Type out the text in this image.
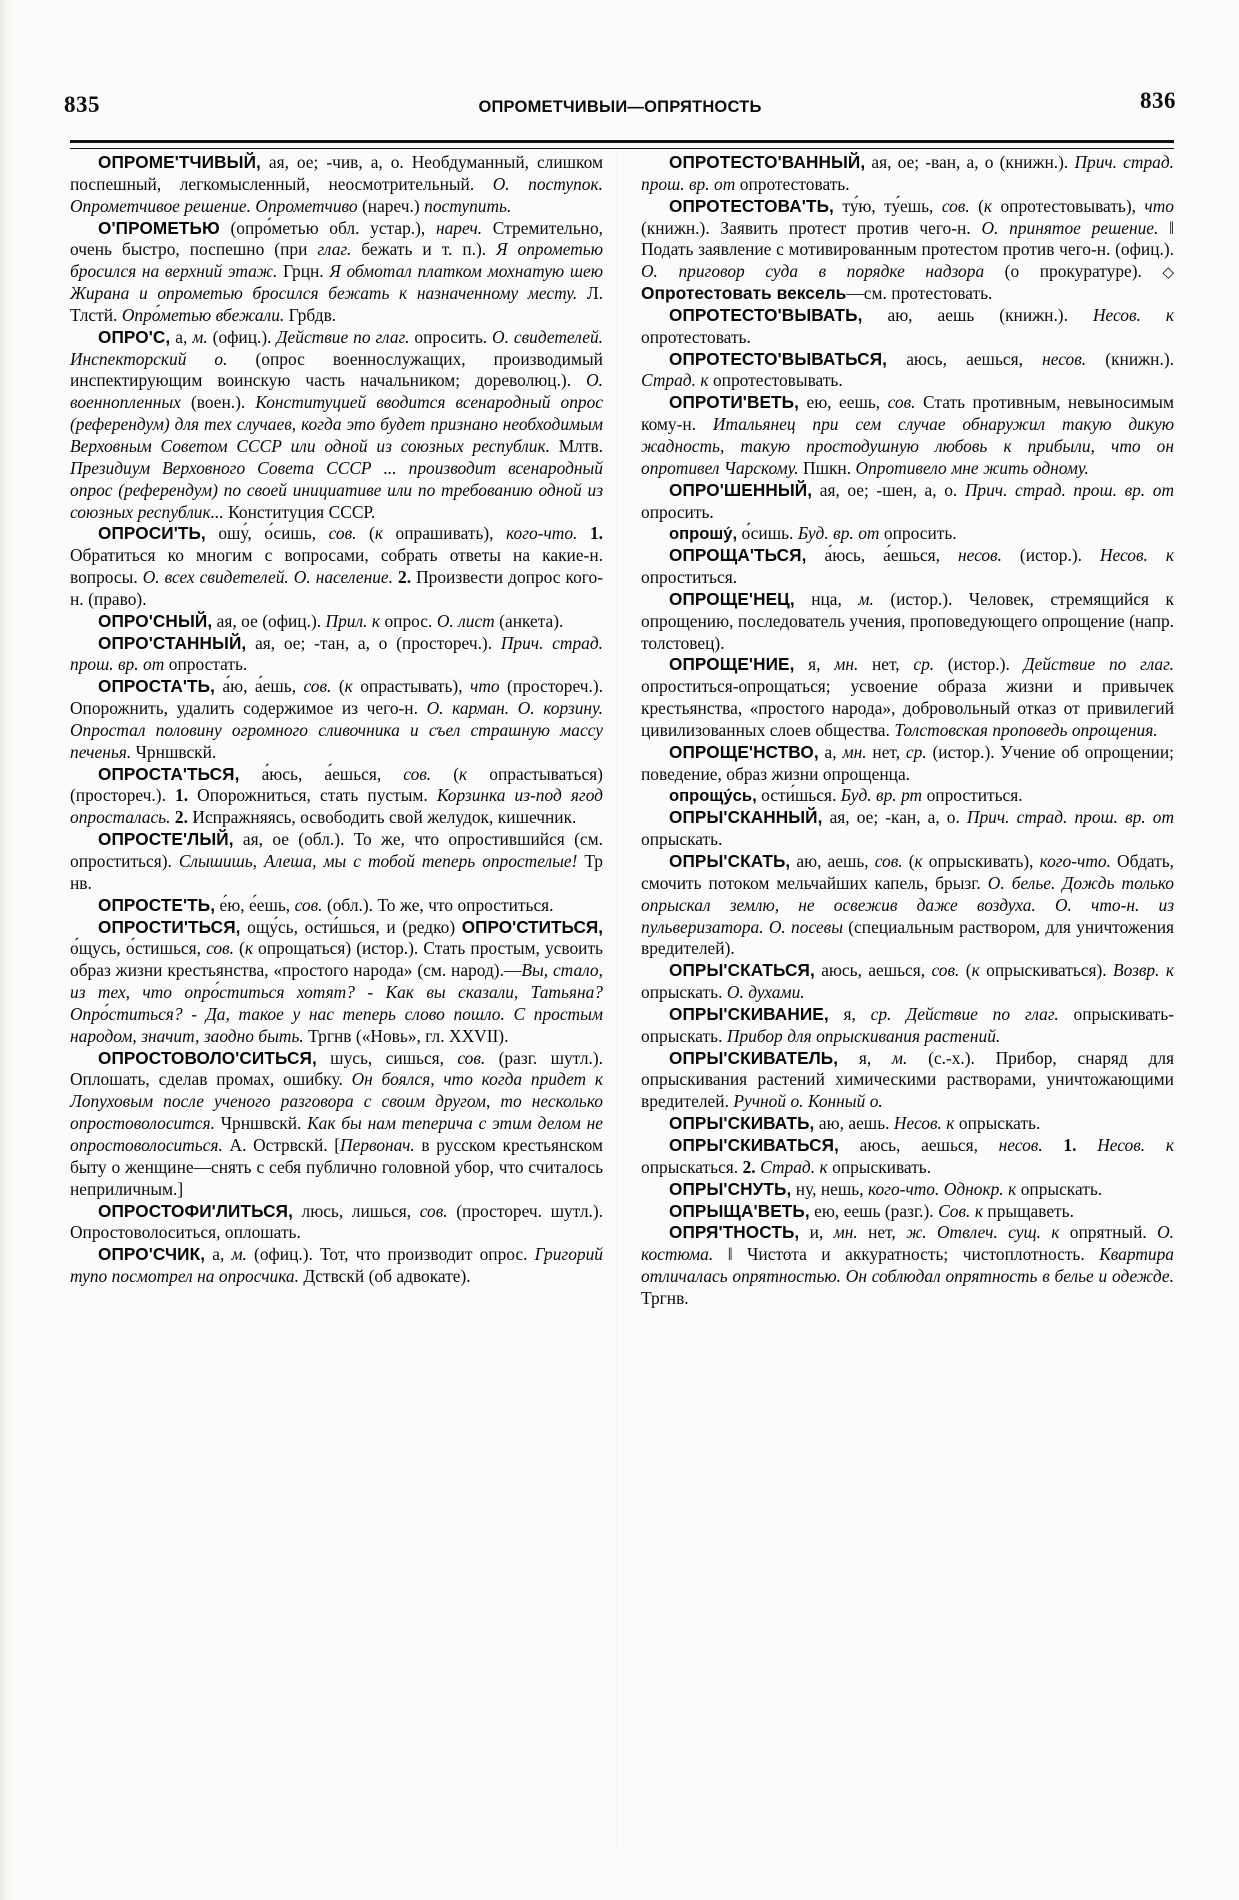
835	ОПРОМЕТЧИВЫИ—ОПРЯТНОСТЬ	836

ОПРОМЕ'ТЧИВЫЙ, ая, ое; -чив, а, о. Необдуманный, слишком поспешный, легкомысленный, неосмотрительный. О. поступок. Опрометчивое решение. Опрометчиво (нареч.) поступить.

О'ПРОМЕТЬЮ (опро́метью обл. устар.), нареч. Стремительно, очень быстро, поспешно (при глаг. бежать и т. п.). Я опрометью бросился на верхний этаж. Грцн. Я обмотал платком мохнатую шею Жирана и опрометью бросился бежать к назначенному месту. Л. Тлстй. Опро́метью вбежали. Грбдв.

ОПРО'С, а, м. (офиц.). Действие по глаг. опросить. О. свидетелей. Инспекторский о. (опрос военнослужащих, производимый инспектирующим воинскую часть начальником; дореволюц.). О. военнопленных (воен.). Конституцией вводится всенародный опрос (референдум) для тех случаев, когда это будет признано необходимым Верховным Советом СССР или одной из союзных республик. Млтв. Президиум Верховного Совета СССР ... производит всенародный опрос (референдум) по своей инициативе или по требованию одной из союзных республик... Конституция СССР.

ОПРОСИ'ТЬ, ошу́, о́сишь, сов. (к опрашивать), кого-что. 1. Обратиться ко многим с вопросами, собрать ответы на какие-н. вопросы. О. всех свидетелей. О. население. 2. Произвести допрос кого-н. (право).

ОПРО'СНЫЙ, ая, ое (офиц.). Прил. к опрос. О. лист (анкета).

ОПРО'СТАННЫЙ, ая, ое; -тан, а, о (простореч.). Прич. страд. прош. вр. от опростать.

ОПРОСТА'ТЬ, а́ю, а́ешь, сов. (к опрастывать), что (простореч.). Опорожнить, удалить содержимое из чего-н. О. карман. О. корзину. Опростал половину огромного сливочника и съел страшную массу печенья. Чрншвскй.

ОПРОСТА'ТЬСЯ, а́юсь, а́ешься, сов. (к опрастываться) (простореч.). 1. Опорожниться, стать пустым. Корзинка из-под ягод опросталась. 2. Испражняясь, освободить свой желудок, кишечник.

ОПРОСТЕ'ЛЫЙ, ая, ое (обл.). То же, что опростившийся (см. опроститься). Слышишь, Алеша, мы с тобой теперь опростелые! Тр нв.

ОПРОСТЕ'ТЬ, е́ю, е́ешь, сов. (обл.). То же, что опроститься.

ОПРОСТИ'ТЬСЯ, ощу́сь, ости́шься, и (редко) ОПРО'СТИТЬСЯ, о́щусь, о́стишься, сов. (к опрощаться) (истор.). Стать простым, усвоить образ жизни крестьянства, «простого народа» (см. народ).—Вы, стало, из тех, что опро́ститься хотят? - Как вы сказали, Татьяна? Опро́ститься? - Да, такое у нас теперь слово пошло. С простым народом, значит, заодно быть. Тргнв («Новь», гл. XXVII).

ОПРОСТОВОЛО'СИТЬСЯ, шусь, сишься, сов. (разг. шутл.). Оплошать, сделав промах, ошибку. Он боялся, что когда придет к Лопуховым после ученого разговора с своим другом, то несколько опростоволосится. Чрншвскй. Как бы нам теперича с этим делом не опростоволоситься. А. Остpвскй. [Первонач. в русском крестьянском быту о женщине—снять с себя публично головной убор, что считалось неприличным.]

ОПРОСТОФИ'ЛИТЬСЯ, люсь, лишься, сов. (простореч. шутл.). Опростоволоситься, оплошать.

ОПРО'СЧИК, а, м. (офиц.). Тот, что производит опрос. Григорий тупо посмотрел на опросчика. Дствскй (об адвокате).

ОПРОТЕСТО'ВАННЫЙ, ая, ое; -ван, а, о (книжн.). Прич. страд. прош. вр. от опротестовать.

ОПРОТЕСТОВА'ТЬ, ту́ю, ту́ешь, сов. (к опротестовывать), что (книжн.). Заявить протест против чего-н. О. принятое решение. ‖ Подать заявление с мотивированным протестом против чего-н. (офиц.). О. приговор суда в порядке надзора (о прокуратуре). ◇ Опротестовать вексель—см. протестовать.

ОПРОТЕСТО'ВЫВАТЬ, аю, аешь (книжн.). Несов. к опротестовать.

ОПРОТЕСТО'ВЫВАТЬСЯ, аюсь, аешься, несов. (книжн.). Страд. к опротестовывать.

ОПРОТИ'ВЕТЬ, ею, еешь, сов. Стать противным, невыносимым кому-н. Итальянец при сем случае обнаружил такую дикую жадность, такую простодушную любовь к прибыли, что он опротивел Чарскому. Пшкн. Опротивело мне жить одному.

ОПРО'ШЕННЫЙ, ая, ое; -шен, а, о. Прич. страд. прош. вр. от опросить.

опрошу́, о́сишь. Буд. вр. от опросить.

ОПРОЩА'ТЬСЯ, а́юсь, а́ешься, несов. (истор.). Несов. к опроститься.

ОПРОЩЕ'НЕЦ, нца, м. (истор.). Человек, стремящийся к опрощению, последователь учения, проповедующего опрощение (напр. толстовец).

ОПРОЩЕ'НИЕ, я, мн. нет, ср. (истор.). Действие по глаг. опроститься-опрощаться; усвоение образа жизни и привычек крестьянства, «простого народа», добровольный отказ от привилегий цивилизованных слоев общества. Толстовская проповедь опрощения.

ОПРОЩЕ'НСТВО, а, мн. нет, ср. (истор.). Учение об опрощении; поведение, образ жизни опрощенца.

опрощу́сь, ости́шься. Буд. вр. рт опроститься.

ОПРЫ'СКАННЫЙ, ая, ое; -кан, а, о. Прич. страд. прош. вр. от опрыскать.

ОПРЫ'СКАТЬ, аю, аешь, сов. (к опрыскивать), кого-что. Обдать, смочить потоком мельчайших капель, брызг. О. белье. Дождь только опрыскал землю, не освежив даже воздуха. О. что-н. из пульверизатора. О. посевы (специальным раствором, для уничтожения вредителей).

ОПРЫ'СКАТЬСЯ, аюсь, аешься, сов. (к опрыскиваться). Возвр. к опрыскать. О. духами.

ОПРЫ'СКИВАНИЕ, я, ср. Действие по глаг. опрыскивать-опрыскать. Прибор для опрыскивания растений.

ОПРЫ'СКИВАТЕЛЬ, я, м. (с.-х.). Прибор, снаряд для опрыскивания растений химическими растворами, уничтожающими вредителей. Ручной о. Конный о.

ОПРЫ'СКИВАТЬ, аю, аешь. Несов. к опрыскать.

ОПРЫ'СКИВАТЬСЯ, аюсь, аешься, несов. 1. Несов. к опрыскаться. 2. Страд. к опрыскивать.

ОПРЫ'СНУТЬ, ну, нешь, кого-что. Однокр. к опрыскать.

ОПРЫЩА'ВЕТЬ, ею, еешь (разг.). Сов. к прыщаветь.

ОПРЯ'ТНОСТЬ, и, мн. нет, ж. Отвлеч. сущ. к опрятный. О. костюма. ‖ Чистота и аккуратность; чистоплотность. Квартира отличалась опрятностью. Он соблюдал опрятность в белье и одежде. Тргнв.
